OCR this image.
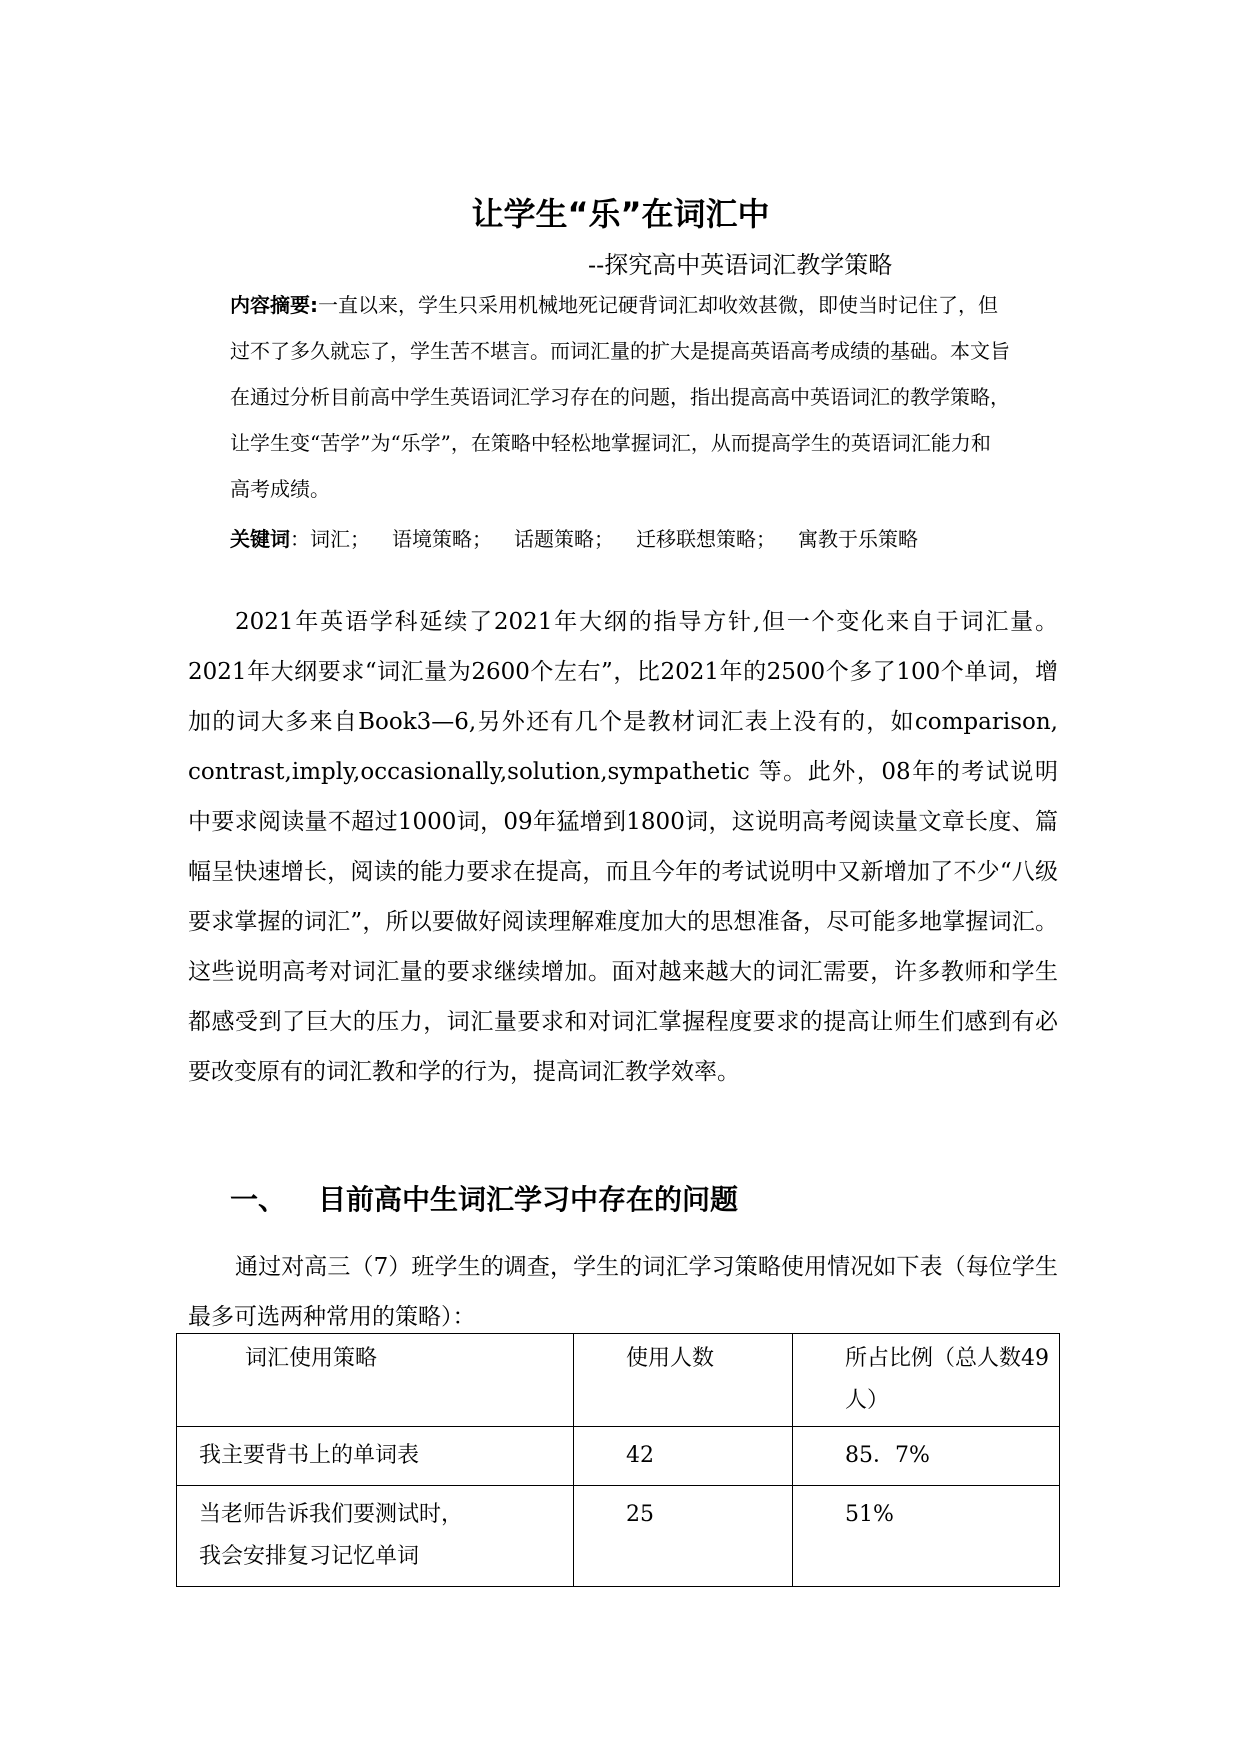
让学生“乐”在词汇中
--探究高中英语词汇教学策略
内容摘要:一直以来，学生只采用机械地死记硬背词汇却收效甚微，即使当时记住了，但过不了多久就忘了，学生苦不堪言。而词汇量的扩大是提高英语高考成绩的基础。本文旨在通过分析目前高中学生英语词汇学习存在的问题，指出提高高中英语词汇的教学策略，让学生变“苦学”为“乐学”，在策略中轻松地掌握词汇，从而提高学生的英语词汇能力和高考成绩。
关键词：词汇； 语境策略； 话题策略； 迁移联想策略； 寓教于乐策略
2021年英语学科延续了2021年大纲的指导方针,但一个变化来自于词汇量。2021年大纲要求“词汇量为2600个左右”，比2021年的2500个多了100个单词，增加的词大多来自Book3—6,另外还有几个是教材词汇表上没有的，如comparison, contrast,imply,occasionally,solution,sympathetic 等。此外，08年的考试说明中要求阅读量不超过1000词，09年猛增到1800词，这说明高考阅读量文章长度、篇幅呈快速增长，阅读的能力要求在提高，而且今年的考试说明中又新增加了不少“八级要求掌握的词汇”，所以要做好阅读理解难度加大的思想准备，尽可能多地掌握词汇。这些说明高考对词汇量的要求继续增加。面对越来越大的词汇需要，许多教师和学生都感受到了巨大的压力，词汇量要求和对词汇掌握程度要求的提高让师生们感到有必要改变原有的词汇教和学的行为，提高词汇教学效率。
一、 目前高中生词汇学习中存在的问题
通过对高三（7）班学生的调查，学生的词汇学习策略使用情况如下表（每位学生最多可选两种常用的策略）：
词汇使用策略	使用人数	所占比例（总人数49人）
我主要背书上的单词表	42	85．7%

当老师告诉我们要测试时，
我会安排复习记忆单词	25	51%
